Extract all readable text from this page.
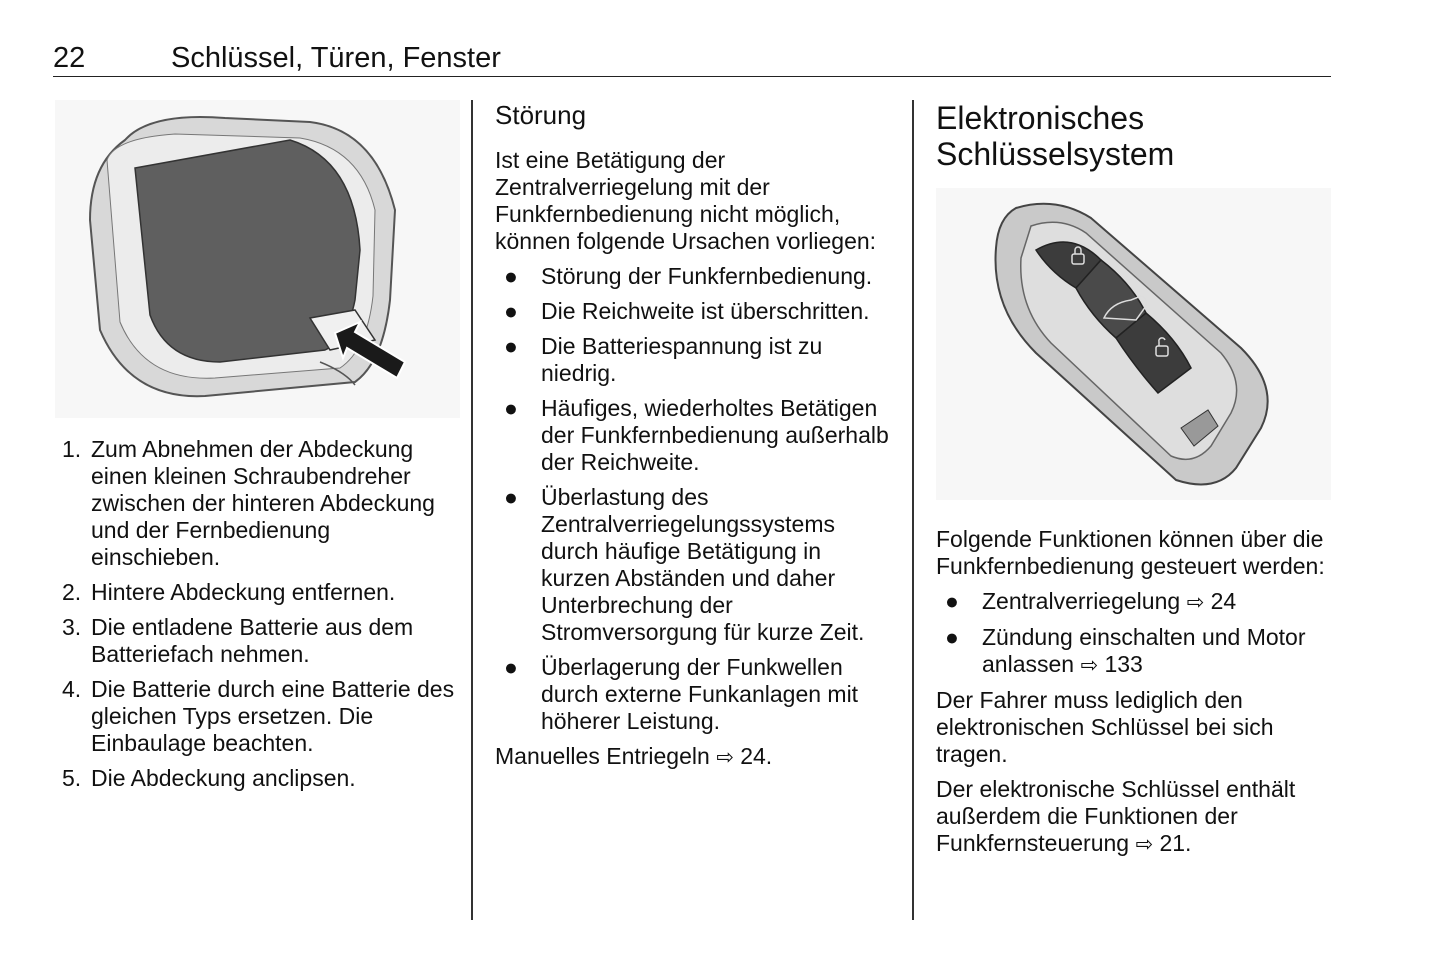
22	Schlüssel, Türen, Fenster
1. Zum Abnehmen der Abdeckung einen kleinen Schraubendreher zwischen der hinteren Abdeckung und der Fernbedienung einschieben.
2. Hintere Abdeckung entfernen.
3. Die entladene Batterie aus dem Batteriefach nehmen.
4. Die Batterie durch eine Batterie des gleichen Typs ersetzen. Die Einbaulage beachten.
5. Die Abdeckung anclipsen.
Störung

Ist eine Betätigung der Zentralverriegelung mit der Funkfernbedienung nicht möglich, können folgende Ursachen vorliegen:

● Störung der Funkfernbedienung.
● Die Reichweite ist überschritten.
● Die Batteriespannung ist zu niedrig.
● Häufiges, wiederholtes Betätigen der Funkfernbedienung außerhalb der Reichweite.
● Überlastung des Zentralverriegelungssystems durch häufige Betätigung in kurzen Abständen und daher Unterbrechung der Stromversorgung für kurze Zeit.
● Überlagerung der Funkwellen durch externe Funkanlagen mit höherer Leistung.

Manuelles Entriegeln ⇨ 24.

Elektronisches
Schlüsselsystem

Folgende Funktionen können über die Funkfernbedienung gesteuert werden:

● Zentralverriegelung ⇨ 24
● Zündung einschalten und Motor anlassen ⇨ 133

Der Fahrer muss lediglich den elektronischen Schlüssel bei sich tragen.

Der elektronische Schlüssel enthält außerdem die Funktionen der Funkfernsteuerung ⇨ 21.
